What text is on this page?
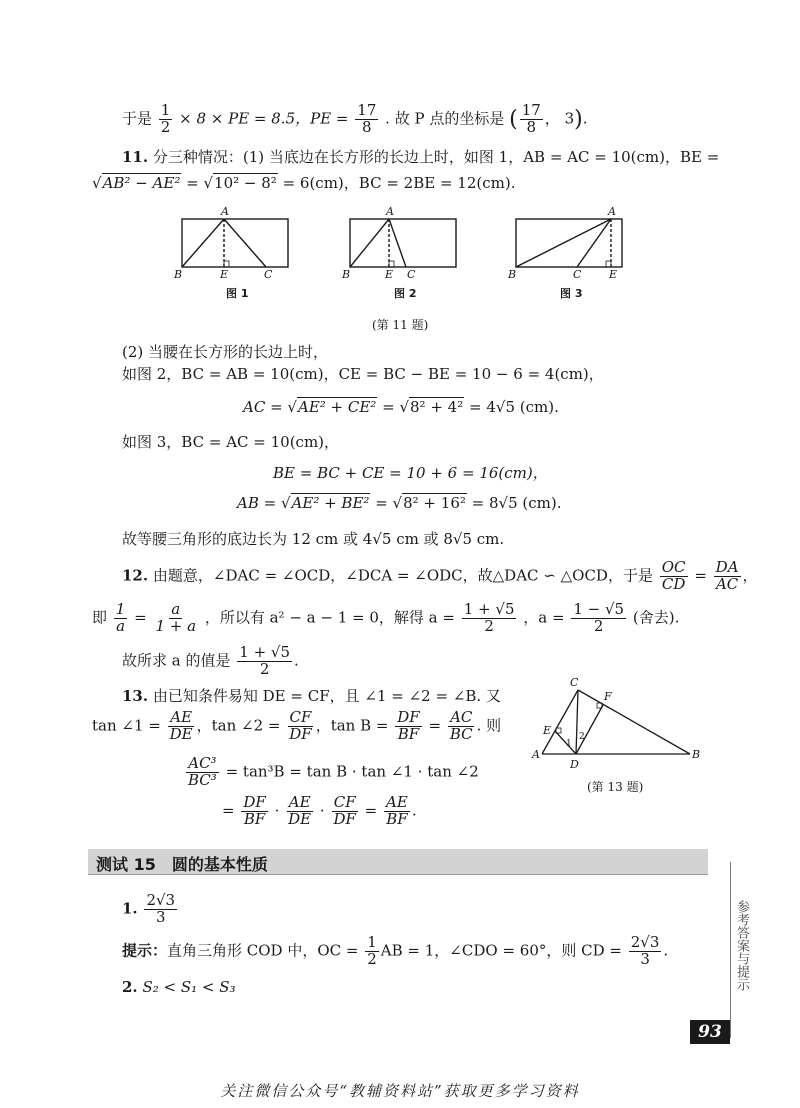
于是 $\frac{1}{2} \times 8$ × PE = 8.5，PE = $\frac{17}{8}$ . 故 P 点的坐标是 ( $\frac{17}{8}$ ， 3).
11. 分三种情况：(1) 当底边在长方形的长边上时，如图 1，AB = AC = 10(cm)，BE =
√AB² − AE² = √10² − 8² = 6(cm)，BC = 2BE = 12(cm).
A
B	E	C
A
B	E C
A
B	C	E
图 1	图 2	图 3
(第 11 题)
(2) 当腰在长方形的长边上时，
如图 2，BC = AB = 10(cm)，CE = BC − BE = 10 − 6 = 4(cm)，
AC = √AE² + CE² = √8² + 4² = 4√5 (cm).
如图 3，BC = AC = 10(cm)，
BE = BC + CE = 10 + 6 = 16(cm)，
AB = √AE² + BE² = √8² + 16² = 8√5 (cm).
故等腰三角形的底边长为 12 cm 或 4√5 cm 或 8√5 cm.
12. 由题意，∠DAC = ∠OCD，∠DCA = ∠ODC，故△DAC ∽ △OCD，于是 $\frac{OC}{CD} = \frac{DA}{AC}$ ，
即 $\frac{1}{a} = \frac{a}{1 + a}$ ，所以有 a² − a − 1 = 0，解得 $a = \frac{1 + √5}{2}$ ，$a = \frac{1 - √5}{2}$ (舍去).
故所求 a 的值是 $\frac{1 + √5}{2}$ .
13. 由已知条件易知 DE = CF，且 ∠1 = ∠2 = ∠B. 又
tan ∠1 = $\frac{AE}{DE}$ ，tan ∠2 = $\frac{CF}{DF}$ ，$\tan B = \frac{DF}{BF} = \frac{AC}{BC}$ . 则
$\frac{\text{AC³}}{\text{BC³}} = \tan^3B = \tan B \cdot \tan$ ∠1 · tan ∠2
= $\frac{DF}{BF} \cdot \frac{AE}{DE} \cdot \frac{CF}{DF} = \frac{AE}{BF}$ .
C
F
E
A
D
B
1
2
(第 13 题)
测试 15　圆的基本性质
1. $\frac{2√3}{3}$
提示：直角三角形 COD 中，OC = $\frac{1}{2}$ AB = 1，∠CDO = 60°，则 CD = $\frac{2√3}{3}$ .
2. S₂ < S₁ < S₃	参考答案与提示
93
关注微信公众号“教辅资料站”获取更多学习资料
